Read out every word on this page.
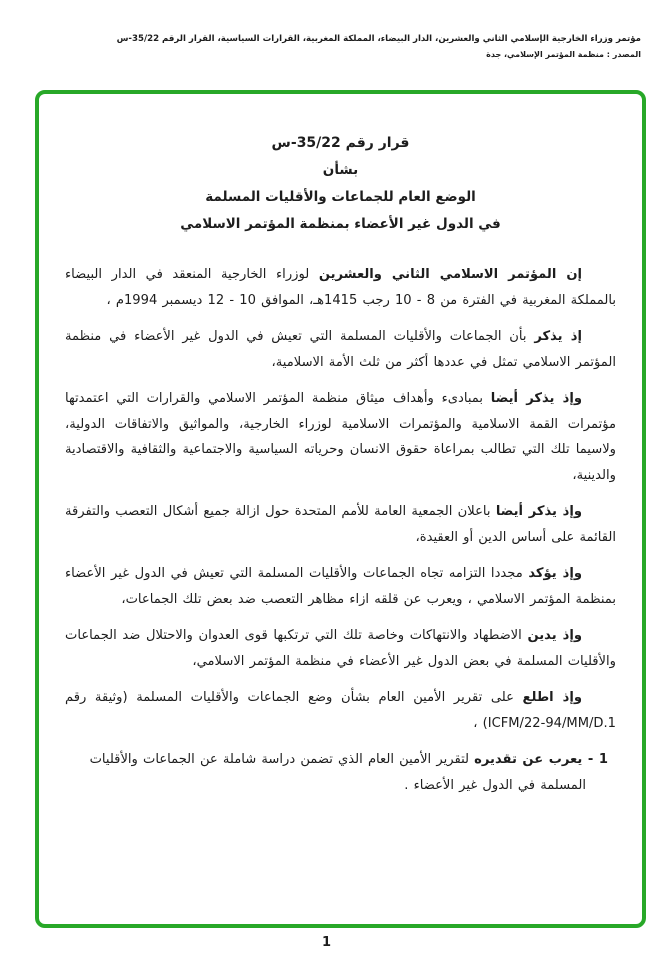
مؤتمر وزراء الخارجية الإسلامي الثاني والعشرين، الدار البيضاء، المملكة المغربية، القرارات السياسية، القرار الرقم 35/22-س
المصدر : منظمة المؤتمر الإسلامي، جدة
قرار رقم 35/22-س
بشأن
الوضع العام للجماعات والأقليات المسلمة
في الدول غير الأعضاء بمنظمة المؤتمر الاسلامي

إن المؤتمر الاسلامي الثاني والعشرين لوزراء الخارجية المنعقد في الدار البيضاء بالمملكة المغربية في الفترة من 8 - 10 رجب 1415هـ، الموافق 10 - 12 ديسمبر 1994م ،

إذ يذكر بأن الجماعات والأقليات المسلمة التي تعيش في الدول غير الأعضاء في منظمة المؤتمر الاسلامي تمثل في عددها أكثر من ثلث الأمة الاسلامية،

وإذ يذكر أيضا بمبادىء وأهداف ميثاق منظمة المؤتمر الاسلامي والقرارات التي اعتمدتها مؤتمرات القمة الاسلامية والمؤتمرات الاسلامية لوزراء الخارجية، والمواثيق والاتفاقات الدولية، ولاسيما تلك التي تطالب بمراعاة حقوق الانسان وحرياته السياسية والاجتماعية والثقافية والاقتصادية والدينية،

وإذ يذكر أيضا باعلان الجمعية العامة للأمم المتحدة حول ازالة جميع أشكال التعصب والتفرقة القائمة على أساس الدين أو العقيدة،

وإذ يؤكد مجددا التزامه تجاه الجماعات والأقليات المسلمة التي تعيش في الدول غير الأعضاء بمنظمة المؤتمر الاسلامي ، ويعرب عن قلقه ازاء مظاهر التعصب ضد بعض تلك الجماعات،

وإذ يدين الاضطهاد والانتهاكات وخاصة تلك التي ترتكبها قوى العدوان والاحتلال ضد الجماعات والأقليات المسلمة في بعض الدول غير الأعضاء في منظمة المؤتمر الاسلامي،

وإذ اطلع على تقرير الأمين العام بشأن وضع الجماعات والأقليات المسلمة (وثيقة رقم ICFM/22-94/MM/D.1) ،

1 - يعرب عن تقديره لتقرير الأمين العام الذي تضمن دراسة شاملة عن الجماعات والأقليات المسلمة في الدول غير الأعضاء .

1
